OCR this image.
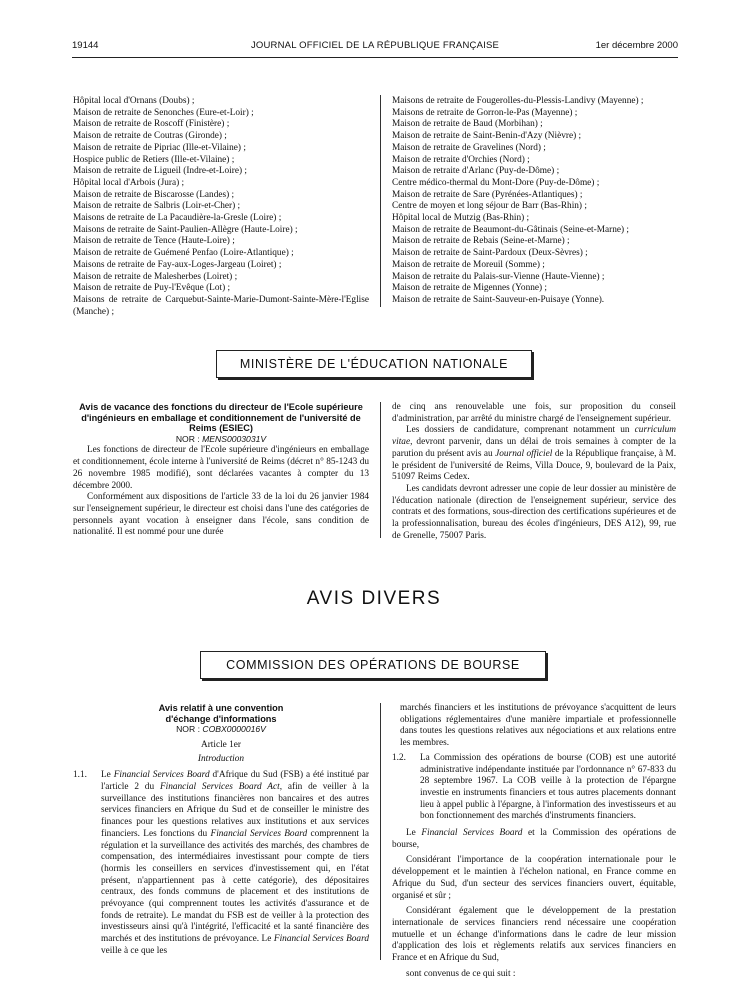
19144	JOURNAL OFFICIEL DE LA RÉPUBLIQUE FRANÇAISE	1er décembre 2000

Hôpital local d'Ornans (Doubs) ;

Maison de retraite de Senonches (Eure-et-Loir) ;

Maison de retraite de Roscoff (Finistère) ;

Maison de retraite de Coutras (Gironde) ;

Maison de retraite de Pipriac (Ille-et-Vilaine) ;

Hospice public de Retiers (Ille-et-Vilaine) ;

Maison de retraite de Ligueil (Indre-et-Loire) ;

Hôpital local d'Arbois (Jura) ;

Maison de retraite de Biscarosse (Landes) ;

Maison de retraite de Salbris (Loir-et-Cher) ;

Maisons de retraite de La Pacaudière-la-Gresle (Loire) ;

Maisons de retraite de Saint-Paulien-Allègre (Haute-Loire) ;

Maison de retraite de Tence (Haute-Loire) ;

Maison de retraite de Guémené Penfao (Loire-Atlantique) ;

Maisons de retraite de Fay-aux-Loges-Jargeau (Loiret) ;

Maison de retraite de Malesherbes (Loiret) ;

Maison de retraite de Puy-l'Evêque (Lot) ;

Maisons de retraite de Carquebut-Sainte-Marie-Dumont-Sainte-Mère-l'Eglise (Manche) ;

Maisons de retraite de Fougerolles-du-Plessis-Landivy (Mayenne) ;

Maisons de retraite de Gorron-le-Pas (Mayenne) ;

Maison de retraite de Baud (Morbihan) ;

Maison de retraite de Saint-Benin-d'Azy (Nièvre) ;

Maison de retraite de Gravelines (Nord) ;

Maison de retraite d'Orchies (Nord) ;

Maison de retraite d'Arlanc (Puy-de-Dôme) ;

Centre médico-thermal du Mont-Dore (Puy-de-Dôme) ;

Maison de retraite de Sare (Pyrénées-Atlantiques) ;

Centre de moyen et long séjour de Barr (Bas-Rhin) ;

Hôpital local de Mutzig (Bas-Rhin) ;

Maison de retraite de Beaumont-du-Gâtinais (Seine-et-Marne) ;

Maison de retraite de Rebais (Seine-et-Marne) ;

Maison de retraite de Saint-Pardoux (Deux-Sèvres) ;

Maison de retraite de Moreuil (Somme) ;

Maison de retraite du Palais-sur-Vienne (Haute-Vienne) ;

Maison de retraite de Migennes (Yonne) ;

Maison de retraite de Saint-Sauveur-en-Puisaye (Yonne).

MINISTÈRE DE L'ÉDUCATION NATIONALE

Avis de vacance des fonctions du directeur de l'Ecole supérieure d'ingénieurs en emballage et conditionnement de l'université de Reims (ESIEC)

NOR : MENS0003031V

Les fonctions de directeur de l'Ecole supérieure d'ingénieurs en emballage et conditionnement, école interne à l'université de Reims (décret n° 85-1243 du 26 novembre 1985 modifié), sont déclarées vacantes à compter du 13 décembre 2000.

Conformément aux dispositions de l'article 33 de la loi du 26 janvier 1984 sur l'enseignement supérieur, le directeur est choisi dans l'une des catégories de personnels ayant vocation à enseigner dans l'école, sans condition de nationalité. Il est nommé pour une durée

de cinq ans renouvelable une fois, sur proposition du conseil d'administration, par arrêté du ministre chargé de l'enseignement supérieur.

Les dossiers de candidature, comprenant notamment un curriculum vitae, devront parvenir, dans un délai de trois semaines à compter de la parution du présent avis au Journal officiel de la République française, à M. le président de l'université de Reims, Villa Douce, 9, boulevard de la Paix, 51097 Reims Cedex.

Les candidats devront adresser une copie de leur dossier au ministère de l'éducation nationale (direction de l'enseignement supérieur, service des contrats et des formations, sous-direction des certifications supérieures et de la professionnalisation, bureau des écoles d'ingénieurs, DES A12), 99, rue de Grenelle, 75007 Paris.

AVIS DIVERS
COMMISSION DES OPÉRATIONS DE BOURSE

Avis relatif à une convention d'échange d'informations

NOR : COBX0000016V

Article 1er

Introduction

1.1.	Le Financial Services Board d'Afrique du Sud (FSB) a été institué par l'article 2 du Financial Services Board Act, afin de veiller à la surveillance des institutions financières non bancaires et des autres services financiers en Afrique du Sud et de conseiller le ministre des finances pour les questions relatives aux institutions et aux services financiers. Les fonctions du Financial Services Board comprennent la régulation et la surveillance des activités des marchés, des chambres de compensation, des intermédiaires investissant pour compte de tiers (hormis les conseillers en services d'investissement qui, en l'état présent, n'appartiennent pas à cette catégorie), des dépositaires centraux, des fonds communs de placement et des institutions de prévoyance (qui comprennent toutes les activités d'assurance et de fonds de retraite). Le mandat du FSB est de veiller à la protection des investisseurs ainsi qu'à l'intégrité, l'efficacité et la santé financière des marchés et des institutions de prévoyance. Le Financial Services Board veille à ce que les

marchés financiers et les institutions de prévoyance s'acquittent de leurs obligations réglementaires d'une manière impartiale et professionnelle dans toutes les questions relatives aux négociations et aux relations entre les membres.

1.2.	La Commission des opérations de bourse (COB) est une autorité administrative indépendante instituée par l'ordonnance n° 67-833 du 28 septembre 1967. La COB veille à la protection de l'épargne investie en instruments financiers et tous autres placements donnant lieu à appel public à l'épargne, à l'information des investisseurs et au bon fonctionnement des marchés d'instruments financiers.

Le Financial Services Board et la Commission des opérations de bourse,

Considérant l'importance de la coopération internationale pour le développement et le maintien à l'échelon national, en France comme en Afrique du Sud, d'un secteur des services financiers ouvert, équitable, organisé et sûr ;

Considérant également que le développement de la prestation internationale de services financiers rend nécessaire une coopération mutuelle et un échange d'informations dans le cadre de leur mission d'application des lois et règlements relatifs aux services financiers en France et en Afrique du Sud,

sont convenus de ce qui suit :
